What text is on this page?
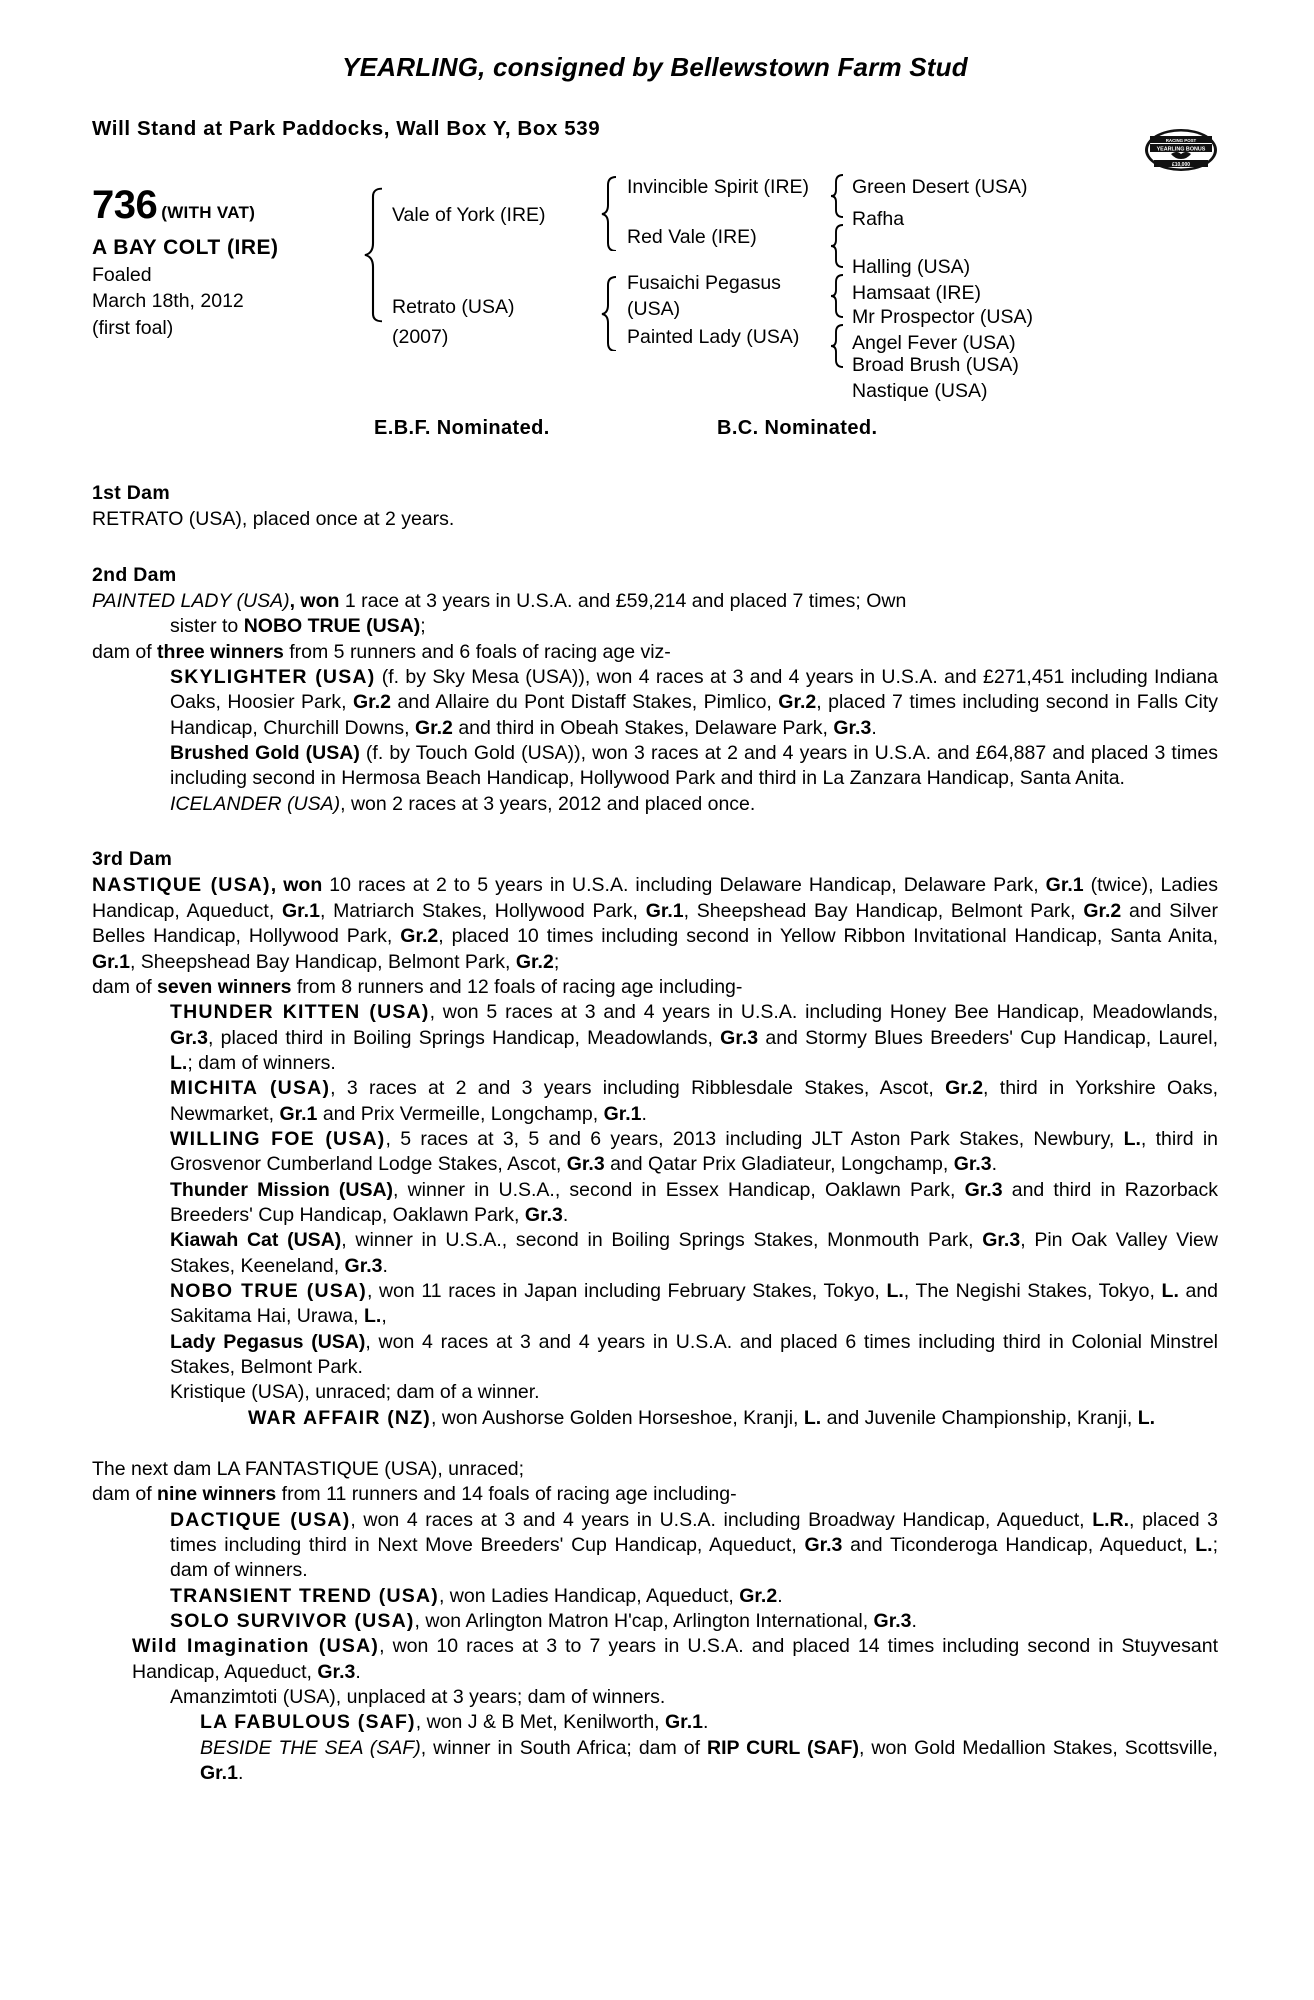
YEARLING, consigned by Bellewstown Farm Stud
Will Stand at Park Paddocks, Wall Box Y, Box 539
RACING POST
YEARLING BONUS
£10,000
736 (WITH VAT)
A BAY COLT (IRE)
Foaled
March 18th, 2012
(first foal)
Vale of York (IRE)
Retrato (USA)
(2007)
Invincible Spirit (IRE)
Red Vale (IRE)
Fusaichi Pegasus
(USA)
Painted Lady (USA)
Green Desert (USA)
Rafha
Halling (USA)
Hamsaat (IRE)
Mr Prospector (USA)
Angel Fever (USA)
Broad Brush (USA)
Nastique (USA)
E.B.F. Nominated.	B.C. Nominated.
1st Dam

RETRATO (USA), placed once at 2 years.

2nd Dam

PAINTED LADY (USA), won 1 race at 3 years in U.S.A. and £59,214 and placed 7 times; Own

sister to NOBO TRUE (USA);

dam of three winners from 5 runners and 6 foals of racing age viz-

SKYLIGHTER (USA) (f. by Sky Mesa (USA)), won 4 races at 3 and 4 years in U.S.A. and £271,451 including Indiana Oaks, Hoosier Park, Gr.2 and Allaire du Pont Distaff Stakes, Pimlico, Gr.2, placed 7 times including second in Falls City Handicap, Churchill Downs, Gr.2 and third in Obeah Stakes, Delaware Park, Gr.3.

Brushed Gold (USA) (f. by Touch Gold (USA)), won 3 races at 2 and 4 years in U.S.A. and £64,887 and placed 3 times including second in Hermosa Beach Handicap, Hollywood Park and third in La Zanzara Handicap, Santa Anita.

ICELANDER (USA), won 2 races at 3 years, 2012 and placed once.

3rd Dam

NASTIQUE (USA), won 10 races at 2 to 5 years in U.S.A. including Delaware Handicap, Delaware Park, Gr.1 (twice), Ladies Handicap, Aqueduct, Gr.1, Matriarch Stakes, Hollywood Park, Gr.1, Sheepshead Bay Handicap, Belmont Park, Gr.2 and Silver Belles Handicap, Hollywood Park, Gr.2, placed 10 times including second in Yellow Ribbon Invitational Handicap, Santa Anita, Gr.1, Sheepshead Bay Handicap, Belmont Park, Gr.2;

dam of seven winners from 8 runners and 12 foals of racing age including-

THUNDER KITTEN (USA), won 5 races at 3 and 4 years in U.S.A. including Honey Bee Handicap, Meadowlands, Gr.3, placed third in Boiling Springs Handicap, Meadowlands, Gr.3 and Stormy Blues Breeders' Cup Handicap, Laurel, L.; dam of winners.

MICHITA (USA), 3 races at 2 and 3 years including Ribblesdale Stakes, Ascot, Gr.2, third in Yorkshire Oaks, Newmarket, Gr.1 and Prix Vermeille, Longchamp, Gr.1.

WILLING FOE (USA), 5 races at 3, 5 and 6 years, 2013 including JLT Aston Park Stakes, Newbury, L., third in Grosvenor Cumberland Lodge Stakes, Ascot, Gr.3 and Qatar Prix Gladiateur, Longchamp, Gr.3.

Thunder Mission (USA), winner in U.S.A., second in Essex Handicap, Oaklawn Park, Gr.3 and third in Razorback Breeders' Cup Handicap, Oaklawn Park, Gr.3.

Kiawah Cat (USA), winner in U.S.A., second in Boiling Springs Stakes, Monmouth Park, Gr.3, Pin Oak Valley View Stakes, Keeneland, Gr.3.

NOBO TRUE (USA), won 11 races in Japan including February Stakes, Tokyo, L., The Negishi Stakes, Tokyo, L. and Sakitama Hai, Urawa, L.,

Lady Pegasus (USA), won 4 races at 3 and 4 years in U.S.A. and placed 6 times including third in Colonial Minstrel Stakes, Belmont Park.

Kristique (USA), unraced; dam of a winner.

WAR AFFAIR (NZ), won Aushorse Golden Horseshoe, Kranji, L. and Juvenile Championship, Kranji, L.

The next dam LA FANTASTIQUE (USA), unraced;

dam of nine winners from 11 runners and 14 foals of racing age including-

DACTIQUE (USA), won 4 races at 3 and 4 years in U.S.A. including Broadway Handicap, Aqueduct, L.R., placed 3 times including third in Next Move Breeders' Cup Handicap, Aqueduct, Gr.3 and Ticonderoga Handicap, Aqueduct, L.; dam of winners.

TRANSIENT TREND (USA), won Ladies Handicap, Aqueduct, Gr.2.

SOLO SURVIVOR (USA), won Arlington Matron H'cap, Arlington International, Gr.3.

Wild Imagination (USA), won 10 races at 3 to 7 years in U.S.A. and placed 14 times including second in Stuyvesant Handicap, Aqueduct, Gr.3.

Amanzimtoti (USA), unplaced at 3 years; dam of winners.

LA FABULOUS (SAF), won J & B Met, Kenilworth, Gr.1.

BESIDE THE SEA (SAF), winner in South Africa; dam of RIP CURL (SAF), won Gold Medallion Stakes, Scottsville, Gr.1.
